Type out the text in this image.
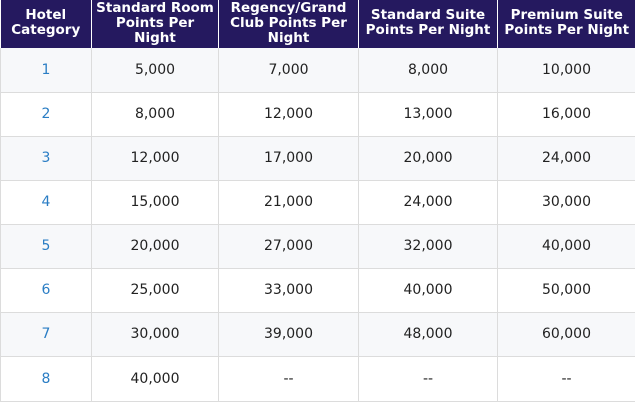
Hotel Category	Standard Room Points Per Night	Regency/Grand Club Points Per Night	Standard Suite Points Per Night	Premium Suite Points Per Night

1	5,000	7,000	8,000	10,000
2	8,000	12,000	13,000	16,000
3	12,000	17,000	20,000	24,000
4	15,000	21,000	24,000	30,000
5	20,000	27,000	32,000	40,000
6	25,000	33,000	40,000	50,000
7	30,000	39,000	48,000	60,000
8	40,000	--	--	--
